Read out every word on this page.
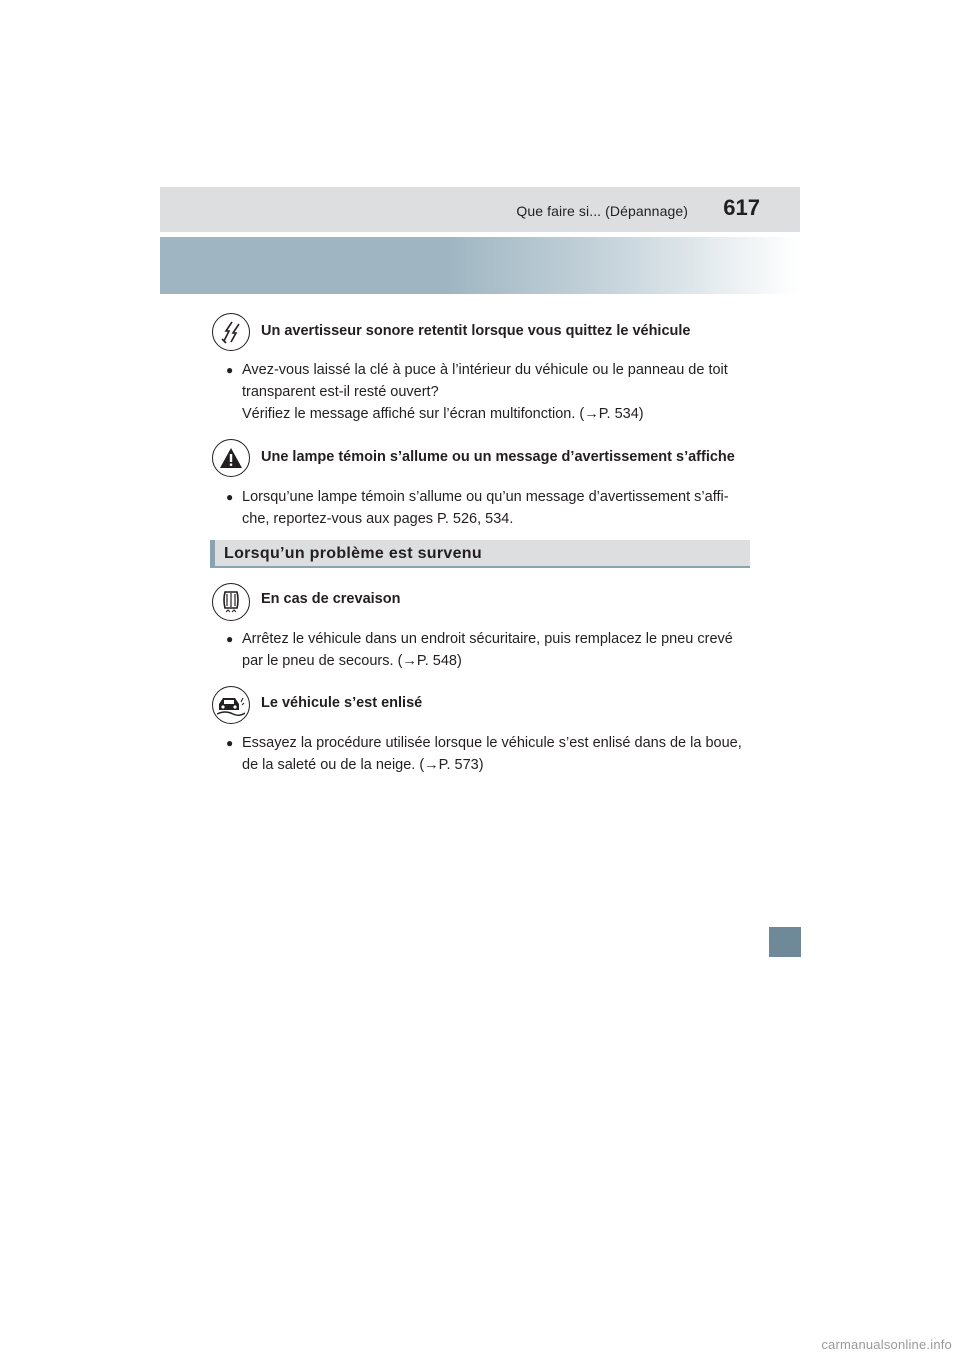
Que faire si... (Dépannage) 617
Un avertisseur sonore retentit lorsque vous quittez le véhicule
● Avez-vous laissé la clé à puce à l’intérieur du véhicule ou le panneau de toit
transparent est-il resté ouvert?
Vérifiez le message affiché sur l’écran multifonction. (→P. 534)
Une lampe témoin s’allume ou un message d’avertissement s’affiche
● Lorsqu’une lampe témoin s’allume ou qu’un message d’avertissement s’affi-
che, reportez-vous aux pages P. 526, 534.
Lorsqu’un problème est survenu
En cas de crevaison
● Arrêtez le véhicule dans un endroit sécuritaire, puis remplacez le pneu crevé
par le pneu de secours. (→P. 548)
Le véhicule s’est enlisé
● Essayez la procédure utilisée lorsque le véhicule s’est enlisé dans de la boue,
de la saleté ou de la neige. (→P. 573)
carmanualsonline.info
